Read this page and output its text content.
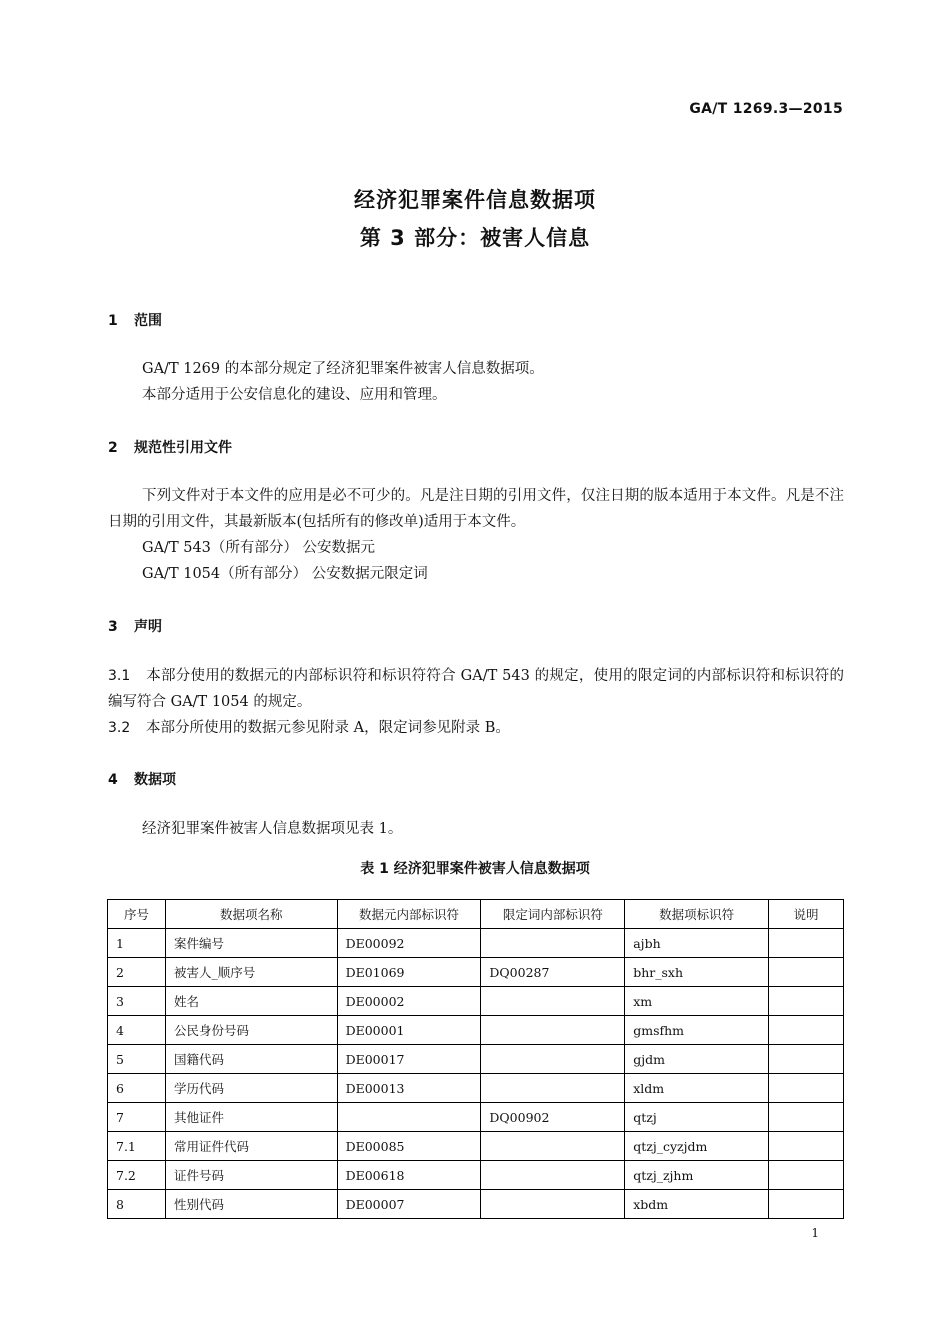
GA/T 1269.3—2015
经济犯罪案件信息数据项
第 3 部分：被害人信息
1 范围
GA/T 1269 的本部分规定了经济犯罪案件被害人信息数据项。
本部分适用于公安信息化的建设、应用和管理。
2 规范性引用文件
下列文件对于本文件的应用是必不可少的。凡是注日期的引用文件，仅注日期的版本适用于本文件。凡是不注日期的引用文件，其最新版本(包括所有的修改单)适用于本文件。
GA/T 543（所有部分） 公安数据元
GA/T 1054（所有部分） 公安数据元限定词
3 声明
3.1 本部分使用的数据元的内部标识符和标识符符合 GA/T 543 的规定，使用的限定词的内部标识符和标识符的编写符合 GA/T 1054 的规定。
3.2 本部分所使用的数据元参见附录 A，限定词参见附录 B。
4 数据项
经济犯罪案件被害人信息数据项见表 1。
表 1 经济犯罪案件被害人信息数据项
序号	数据项名称	数据元内部标识符	限定词内部标识符	数据项标识符	说明
1	案件编号	DE00092		ajbh	
2	被害人_顺序号	DE01069	DQ00287	bhr_sxh	
3	姓名	DE00002		xm	
4	公民身份号码	DE00001		gmsfhm	
5	国籍代码	DE00017		gjdm	
6	学历代码	DE00013		xldm	
7	其他证件		DQ00902	qtzj	
7.1	常用证件代码	DE00085		qtzj_cyzjdm	
7.2	证件号码	DE00618		qtzj_zjhm	
8	性别代码	DE00007		xbdm	
1
